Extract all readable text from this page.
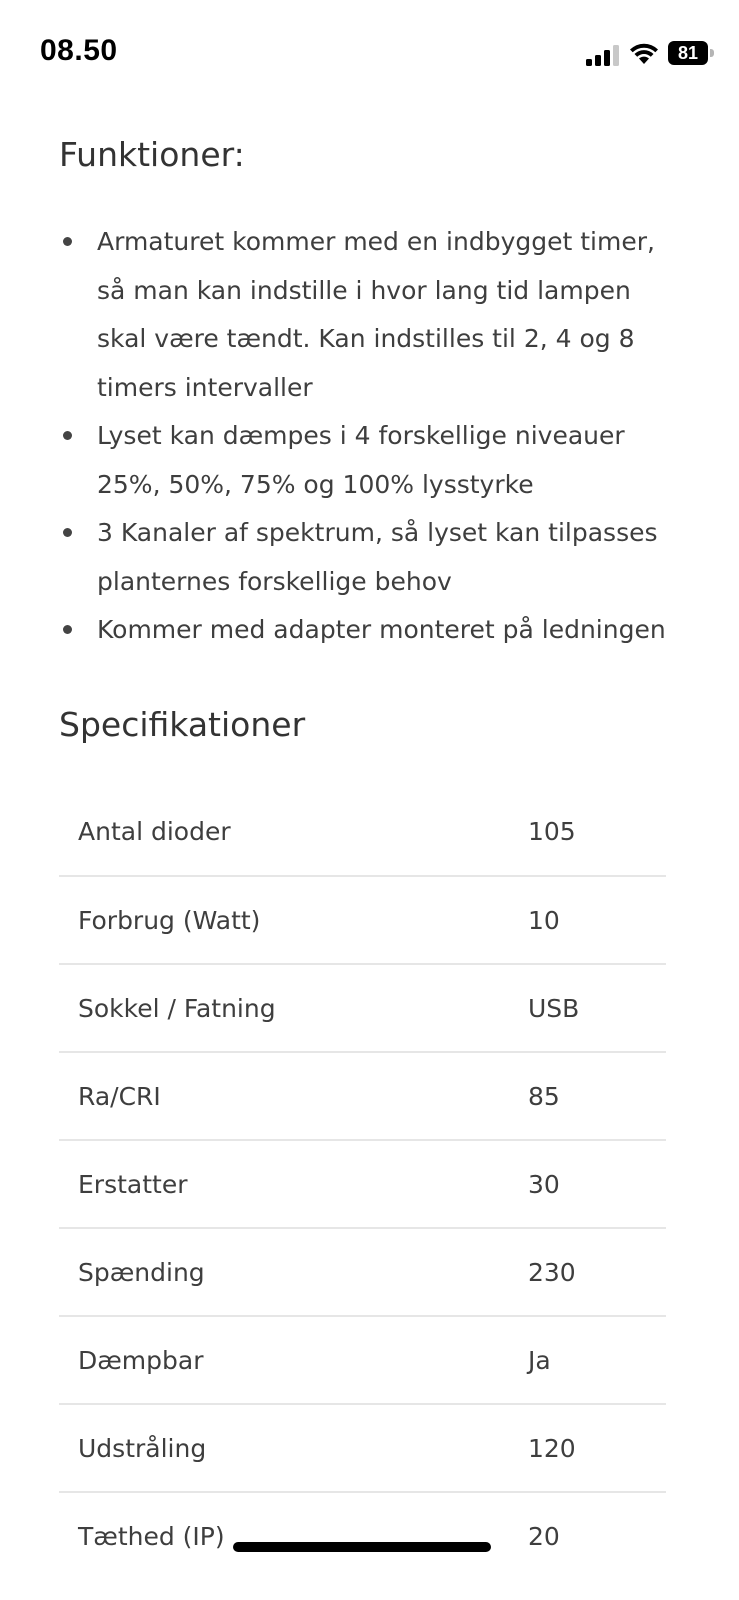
08.50	81
Funktioner:
Armaturet kommer med en indbygget timer, så man kan indstille i hvor lang tid lampen skal være tændt. Kan indstilles til 2, 4 og 8 timers intervaller
Lyset kan dæmpes i 4 forskellige niveauer 25%, 50%, 75% og 100% lysstyrke
3 Kanaler af spektrum, så lyset kan tilpasses planternes forskellige behov
Kommer med adapter monteret på ledningen
Specifikationer
Antal dioder	105
Forbrug (Watt)	10
Sokkel / Fatning	USB
Ra/CRI	85
Erstatter	30
Spænding	230
Dæmpbar	Ja
Udstråling	120
Tæthed (IP)	20
